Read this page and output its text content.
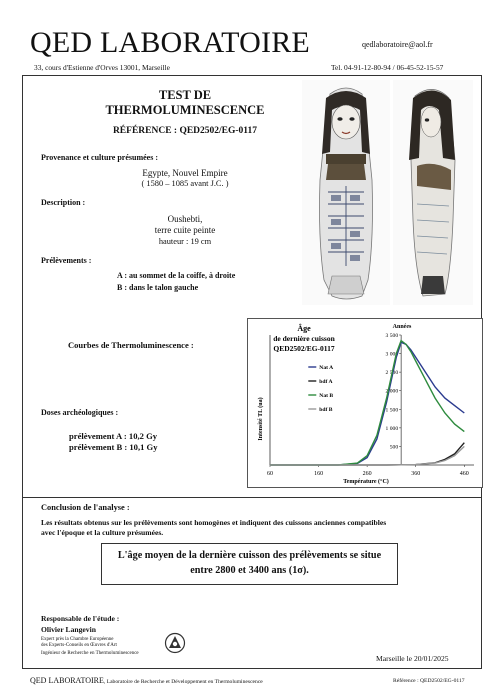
QED LABORATOIRE	qedlaboratoire@aol.fr
33, cours d'Estienne d'Orves 13001, Marseille	Tel. 04-91-12-80-94 / 06-45-52-15-57
TEST DE
THERMOLUMINESCENCE
RÉFÉRENCE : QED2502/EG-0117
Provenance et culture présumées :
Egypte, Nouvel Empire
( 1580 – 1085 avant J.C. )
Description :
Oushebti,
terre cuite peinte
hauteur : 19 cm
Prélèvements :
A : au sommet de la coiffe, à droite
B : dans le talon gauche
Courbes de Thermoluminescence :
Doses archéologiques :
prélèvement A : 10,2 Gy
prélèvement B : 10,1 Gy
Âge
de dernière cuisson
QED2502/EG-0117
Années
Intensité TL (ua)
Température (°C)
60	160	260	360	460
3 500
3 000
2 500
2 000
1 500
1 000
500
Nat A
bdf A
Nat B
bdf B
Conclusion de l'analyse :
Les résultats obtenus sur les prélèvements sont homogènes et indiquent des cuissons anciennes compatibles
avec l'époque et la culture présumées.
L'âge moyen de la dernière cuisson des prélèvements se situe
entre 2800 et 3400 ans (1σ).
Responsable de l'étude :
Olivier Langevin
Expert près la Chambre Européenne
des Experts-Conseils en Œuvres d'Art
Ingénieur de Recherche en Thermoluminescence
Marseille le 20/01/2025
QED LABORATOIRE, Laboratoire de Recherche et Développement en Thermoluminescence	Référence : QED2502/EG-0117
